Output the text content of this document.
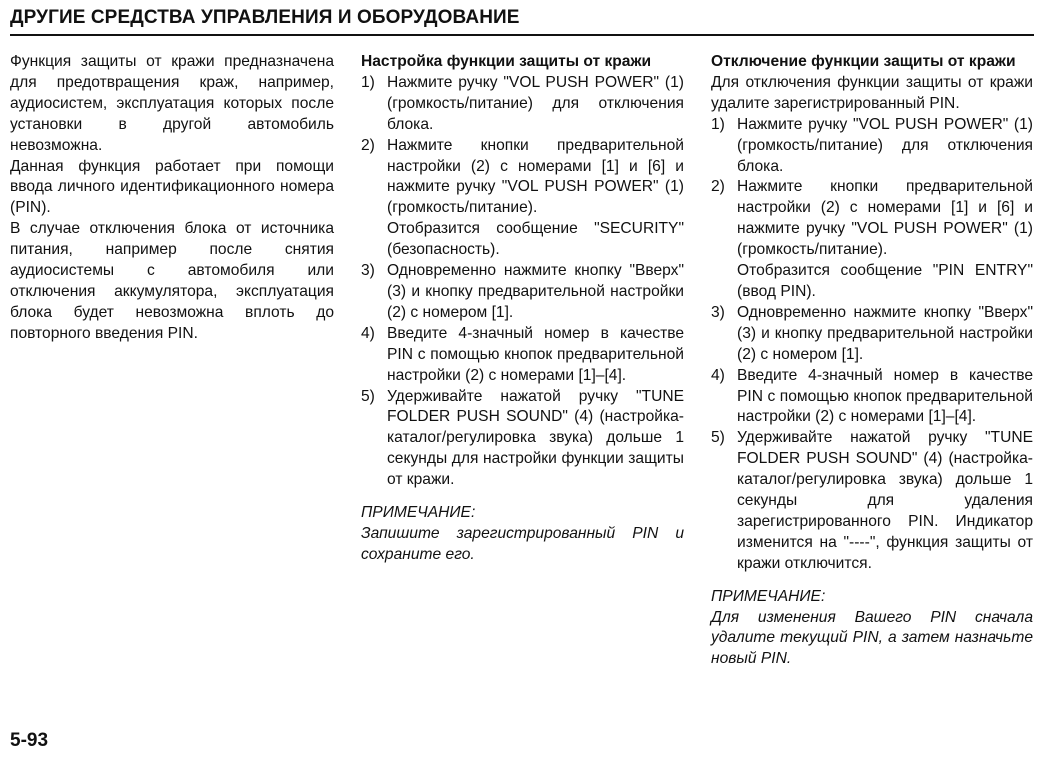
ДРУГИЕ СРЕДСТВА УПРАВЛЕНИЯ И ОБОРУДОВАНИЕ

Функция защиты от кражи предназначена для предотвращения краж, например, аудиосистем, эксплуатация которых после установки в другой автомобиль невозможна.

Данная функция работает при помощи ввода личного идентификационного номера (PIN).

В случае отключения блока от источника питания, например после снятия аудиосистемы с автомобиля или отключения аккумулятора, эксплуатация блока будет невозможна вплоть до повторного введения PIN.

Настройка функции защиты от кражи

1) Нажмите ручку "VOL PUSH POWER" (1) (громкость/питание) для отключения блока.

2) Нажмите кнопки предварительной настройки (2) с номерами [1] и [6] и нажмите ручку "VOL PUSH POWER" (1) (громкость/питание).

Отобразится сообщение "SECURITY" (безопасность).

3) Одновременно нажмите кнопку "Вверх" (3) и кнопку предварительной настройки (2) с номером [1].

4) Введите 4-значный номер в качестве PIN с помощью кнопок предварительной настройки (2) с номерами [1]–[4].

5) Удерживайте нажатой ручку "TUNE FOLDER PUSH SOUND" (4) (настройка-каталог/регулировка звука) дольше 1 секунды для настройки функции защиты от кражи.

ПРИМЕЧАНИЕ:

Запишите зарегистрированный PIN и сохраните его.

Отключение функции защиты от кражи

Для отключения функции защиты от кражи удалите зарегистрированный PIN.

1) Нажмите ручку "VOL PUSH POWER" (1) (громкость/питание) для отключения блока.

2) Нажмите кнопки предварительной настройки (2) с номерами [1] и [6] и нажмите ручку "VOL PUSH POWER" (1) (громкость/питание).

Отобразится сообщение "PIN ENTRY" (ввод PIN).

3) Одновременно нажмите кнопку "Вверх" (3) и кнопку предварительной настройки (2) с номером [1].

4) Введите 4-значный номер в качестве PIN с помощью кнопок предварительной настройки (2) с номерами [1]–[4].

5) Удерживайте нажатой ручку "TUNE FOLDER PUSH SOUND" (4) (настройка-каталог/регулировка звука) дольше 1 секунды для удаления зарегистрированного PIN. Индикатор изменится на "----", функция защиты от кражи отключится.

ПРИМЕЧАНИЕ:

Для изменения Вашего PIN сначала удалите текущий PIN, а затем назначьте новый PIN.

5-93
